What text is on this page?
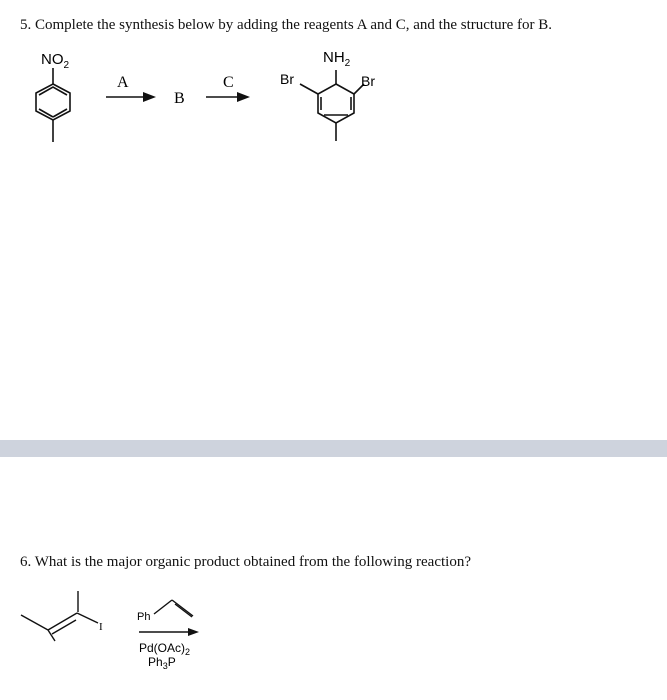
5. Complete the synthesis below by adding the reagents A and C, and the structure for B.
$NO_2$
A
B
C
$NH_2$
Br	Br
6. What is the major organic product obtained from the following reaction?
I
Ph
$Pd(OAc)_2$
$Ph_3P$
